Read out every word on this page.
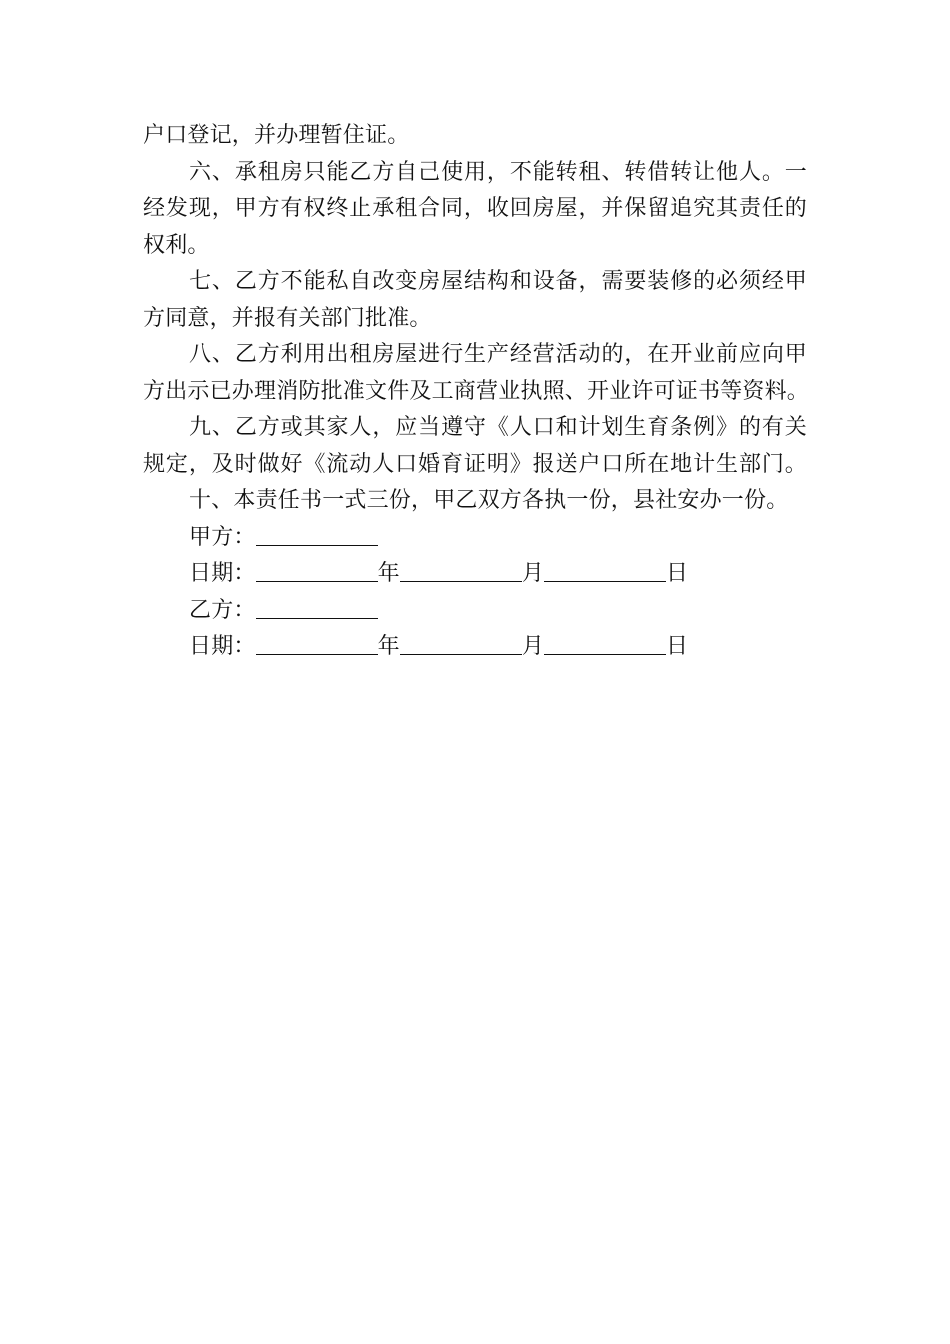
户口登记，并办理暂住证。
六、承租房只能乙方自己使用，不能转租、转借转让他人。一
经发现，甲方有权终止承租合同，收回房屋，并保留追究其责任的
权利。
七、乙方不能私自改变房屋结构和设备，需要装修的必须经甲
方同意，并报有关部门批准。
八、乙方利用出租房屋进行生产经营活动的，在开业前应向甲
方出示已办理消防批准文件及工商营业执照、开业许可证书等资料。
九、乙方或其家人，应当遵守《人口和计划生育条例》的有关
规定，及时做好《流动人口婚育证明》报送户口所在地计生部门。
十、本责任书一式三份，甲乙双方各执一份，县社安办一份。
甲方：
日期：	年	月	日
乙方：
日期：	年	月	日
